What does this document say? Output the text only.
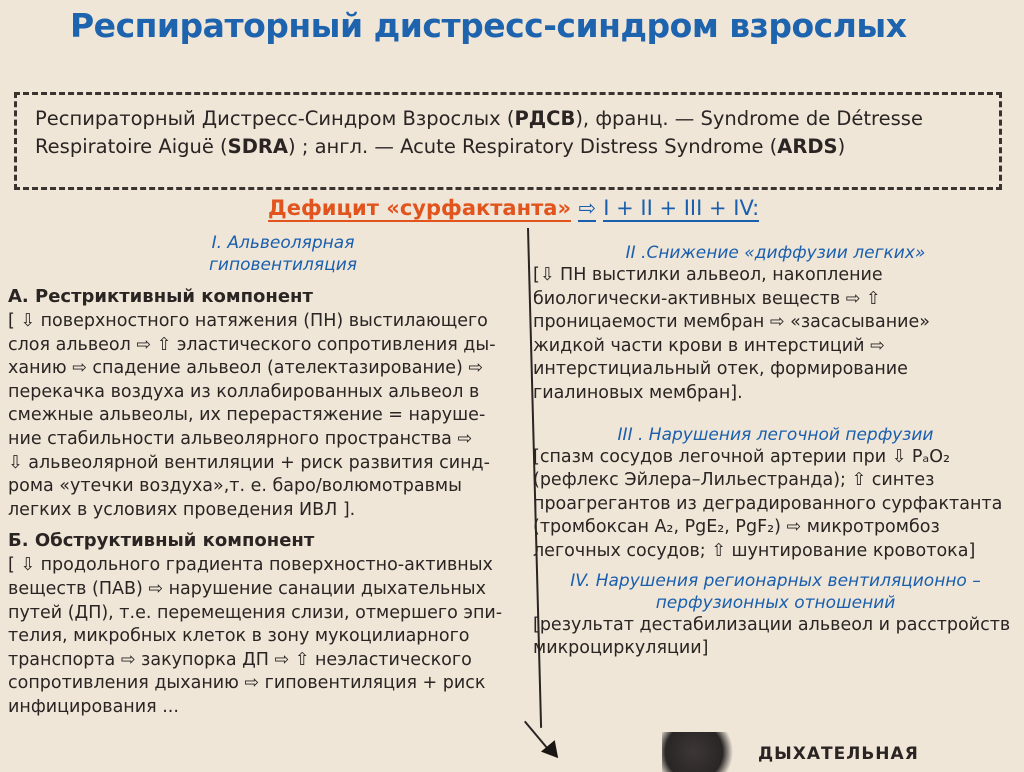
Респираторный дистресс-синдром взрослых
Респираторный Дистресс-Синдром Взрослых (РДСВ), франц. — Syndrome de Détresse Respiratoire Aiguë (SDRA) ; англ. — Acute Respiratory Distress Syndrome (ARDS)
Дефицит «сурфактанта» ⇨ I + II + III + IV:
I. Альвеолярная
гиповентиляция
А. Рестриктивный компонент

[ ⇩ поверхностного натяжения (ПН) выстилающего
слоя альвеол ⇨ ⇧ эластического сопротивления ды-
ханию ⇨ спадение альвеол (ателектазирование) ⇨
перекачка воздуха из коллабированных альвеол в
смежные альвеолы, их перерастяжение = наруше-
ние стабильности альвеолярного пространства ⇨
⇩ альвеолярной вентиляции + риск развития синд-
рома «утечки воздуха»,т. е. баро/волюмотравмы
легких в условиях проведения ИВЛ ].

Б. Обструктивный компонент

[ ⇩ продольного градиента поверхностно-активных
веществ (ПАВ) ⇨ нарушение санации дыхательных
путей (ДП), т.е. перемещения слизи, отмершего эпи-
телия, микробных клеток в зону мукоцилиарного
транспорта ⇨ закупорка ДП ⇨ ⇧ неэластического
сопротивления дыханию ⇨ гиповентиляция + риск
инфицирования ...

II .Снижение «диффузии легких»

[⇩ ПН выстилки альвеол, накопление
биологически-активных веществ ⇨ ⇧
проницаемости мембран ⇨ «засасывание»
жидкой части крови в интерстиций ⇨
интерстициальный отек, формирование
гиалиновых мембран].

III . Нарушения легочной перфузии

[спазм сосудов легочной артерии при ⇩ PₐO₂
(рефлекс Эйлера–Лильестранда); ⇧ синтез
проагрегантов из деградированного сурфактанта
(тромбоксан A₂, PgE₂, PgF₂) ⇨ микротромбоз
легочных сосудов; ⇧ шунтирование кровотока]

IV. Нарушения регионарных вентиляционно –
перфузионных отношений

[результат дестабилизации альвеол и расстройств
микроциркуляции]

ДЫХАТЕЛЬНАЯ
